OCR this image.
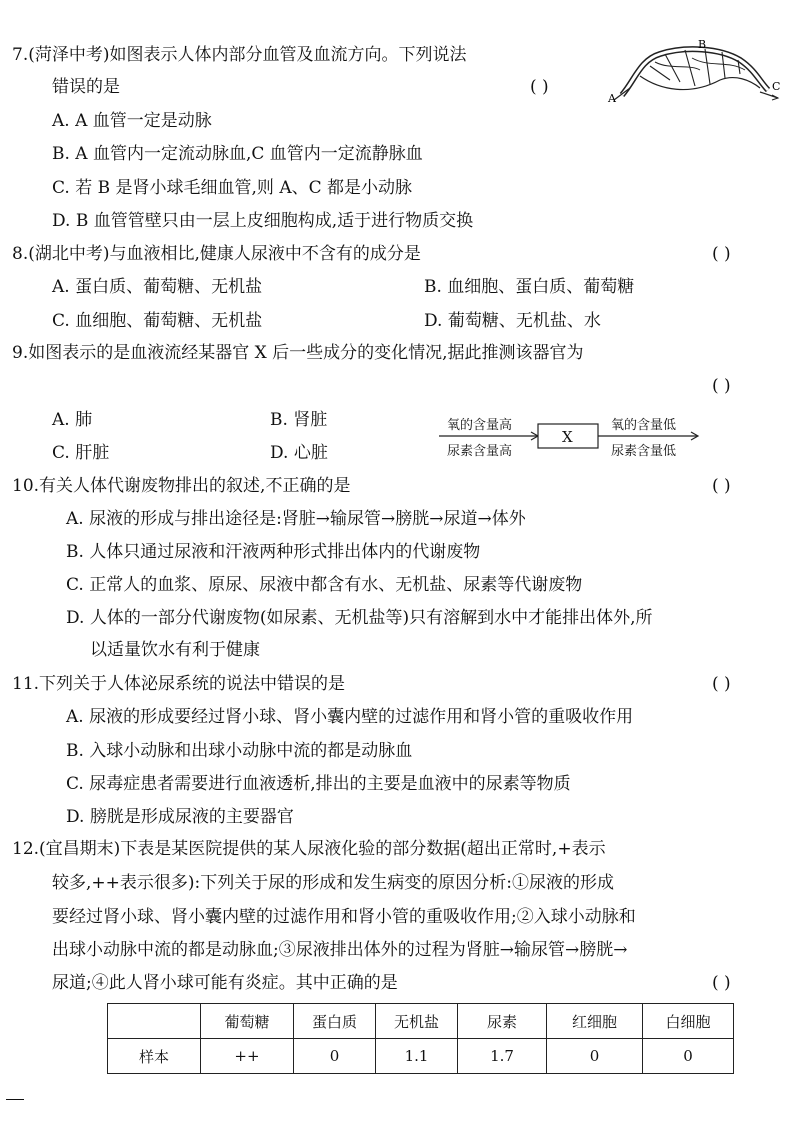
7.(菏泽中考)如图表示人体内部分血管及血流方向。下列说法
错误的是	( )
A. A 血管一定是动脉
B. A 血管内一定流动脉血,C 血管内一定流静脉血
C. 若 B 是肾小球毛细血管,则 A、C 都是小动脉
D. B 血管管壁只由一层上皮细胞构成,适于进行物质交换
A
B
C
8.(湖北中考)与血液相比,健康人尿液中不含有的成分是	( )
A. 蛋白质、葡萄糖、无机盐	B. 血细胞、蛋白质、葡萄糖
C. 血细胞、葡萄糖、无机盐	D. 葡萄糖、无机盐、水
9.如图表示的是血液流经某器官 X 后一些成分的变化情况,据此推测该器官为
( )
A. 肺	B. 肾脏
C. 肝脏	D. 心脏
氧的含量高
尿素含量高
X
氧的含量低
尿素含量低
10.有关人体代谢废物排出的叙述,不正确的是	( )
A. 尿液的形成与排出途径是:肾脏→输尿管→膀胱→尿道→体外
B. 人体只通过尿液和汗液两种形式排出体内的代谢废物
C. 正常人的血浆、原尿、尿液中都含有水、无机盐、尿素等代谢废物
D. 人体的一部分代谢废物(如尿素、无机盐等)只有溶解到水中才能排出体外,所
以适量饮水有利于健康
11.下列关于人体泌尿系统的说法中错误的是	( )
A. 尿液的形成要经过肾小球、肾小囊内壁的过滤作用和肾小管的重吸收作用
B. 入球小动脉和出球小动脉中流的都是动脉血
C. 尿毒症患者需要进行血液透析,排出的主要是血液中的尿素等物质
D. 膀胱是形成尿液的主要器官
12.(宜昌期末)下表是某医院提供的某人尿液化验的部分数据(超出正常时,+表示
较多,++表示很多):下列关于尿的形成和发生病变的原因分析:①尿液的形成
要经过肾小球、肾小囊内壁的过滤作用和肾小管的重吸收作用;②入球小动脉和
出球小动脉中流的都是动脉血;③尿液排出体外的过程为肾脏→输尿管→膀胱→
尿道;④此人肾小球可能有炎症。其中正确的是	( )
	葡萄糖	蛋白质	无机盐	尿素	红细胞	白细胞
样本	++	0	1.1	1.7	0	0
